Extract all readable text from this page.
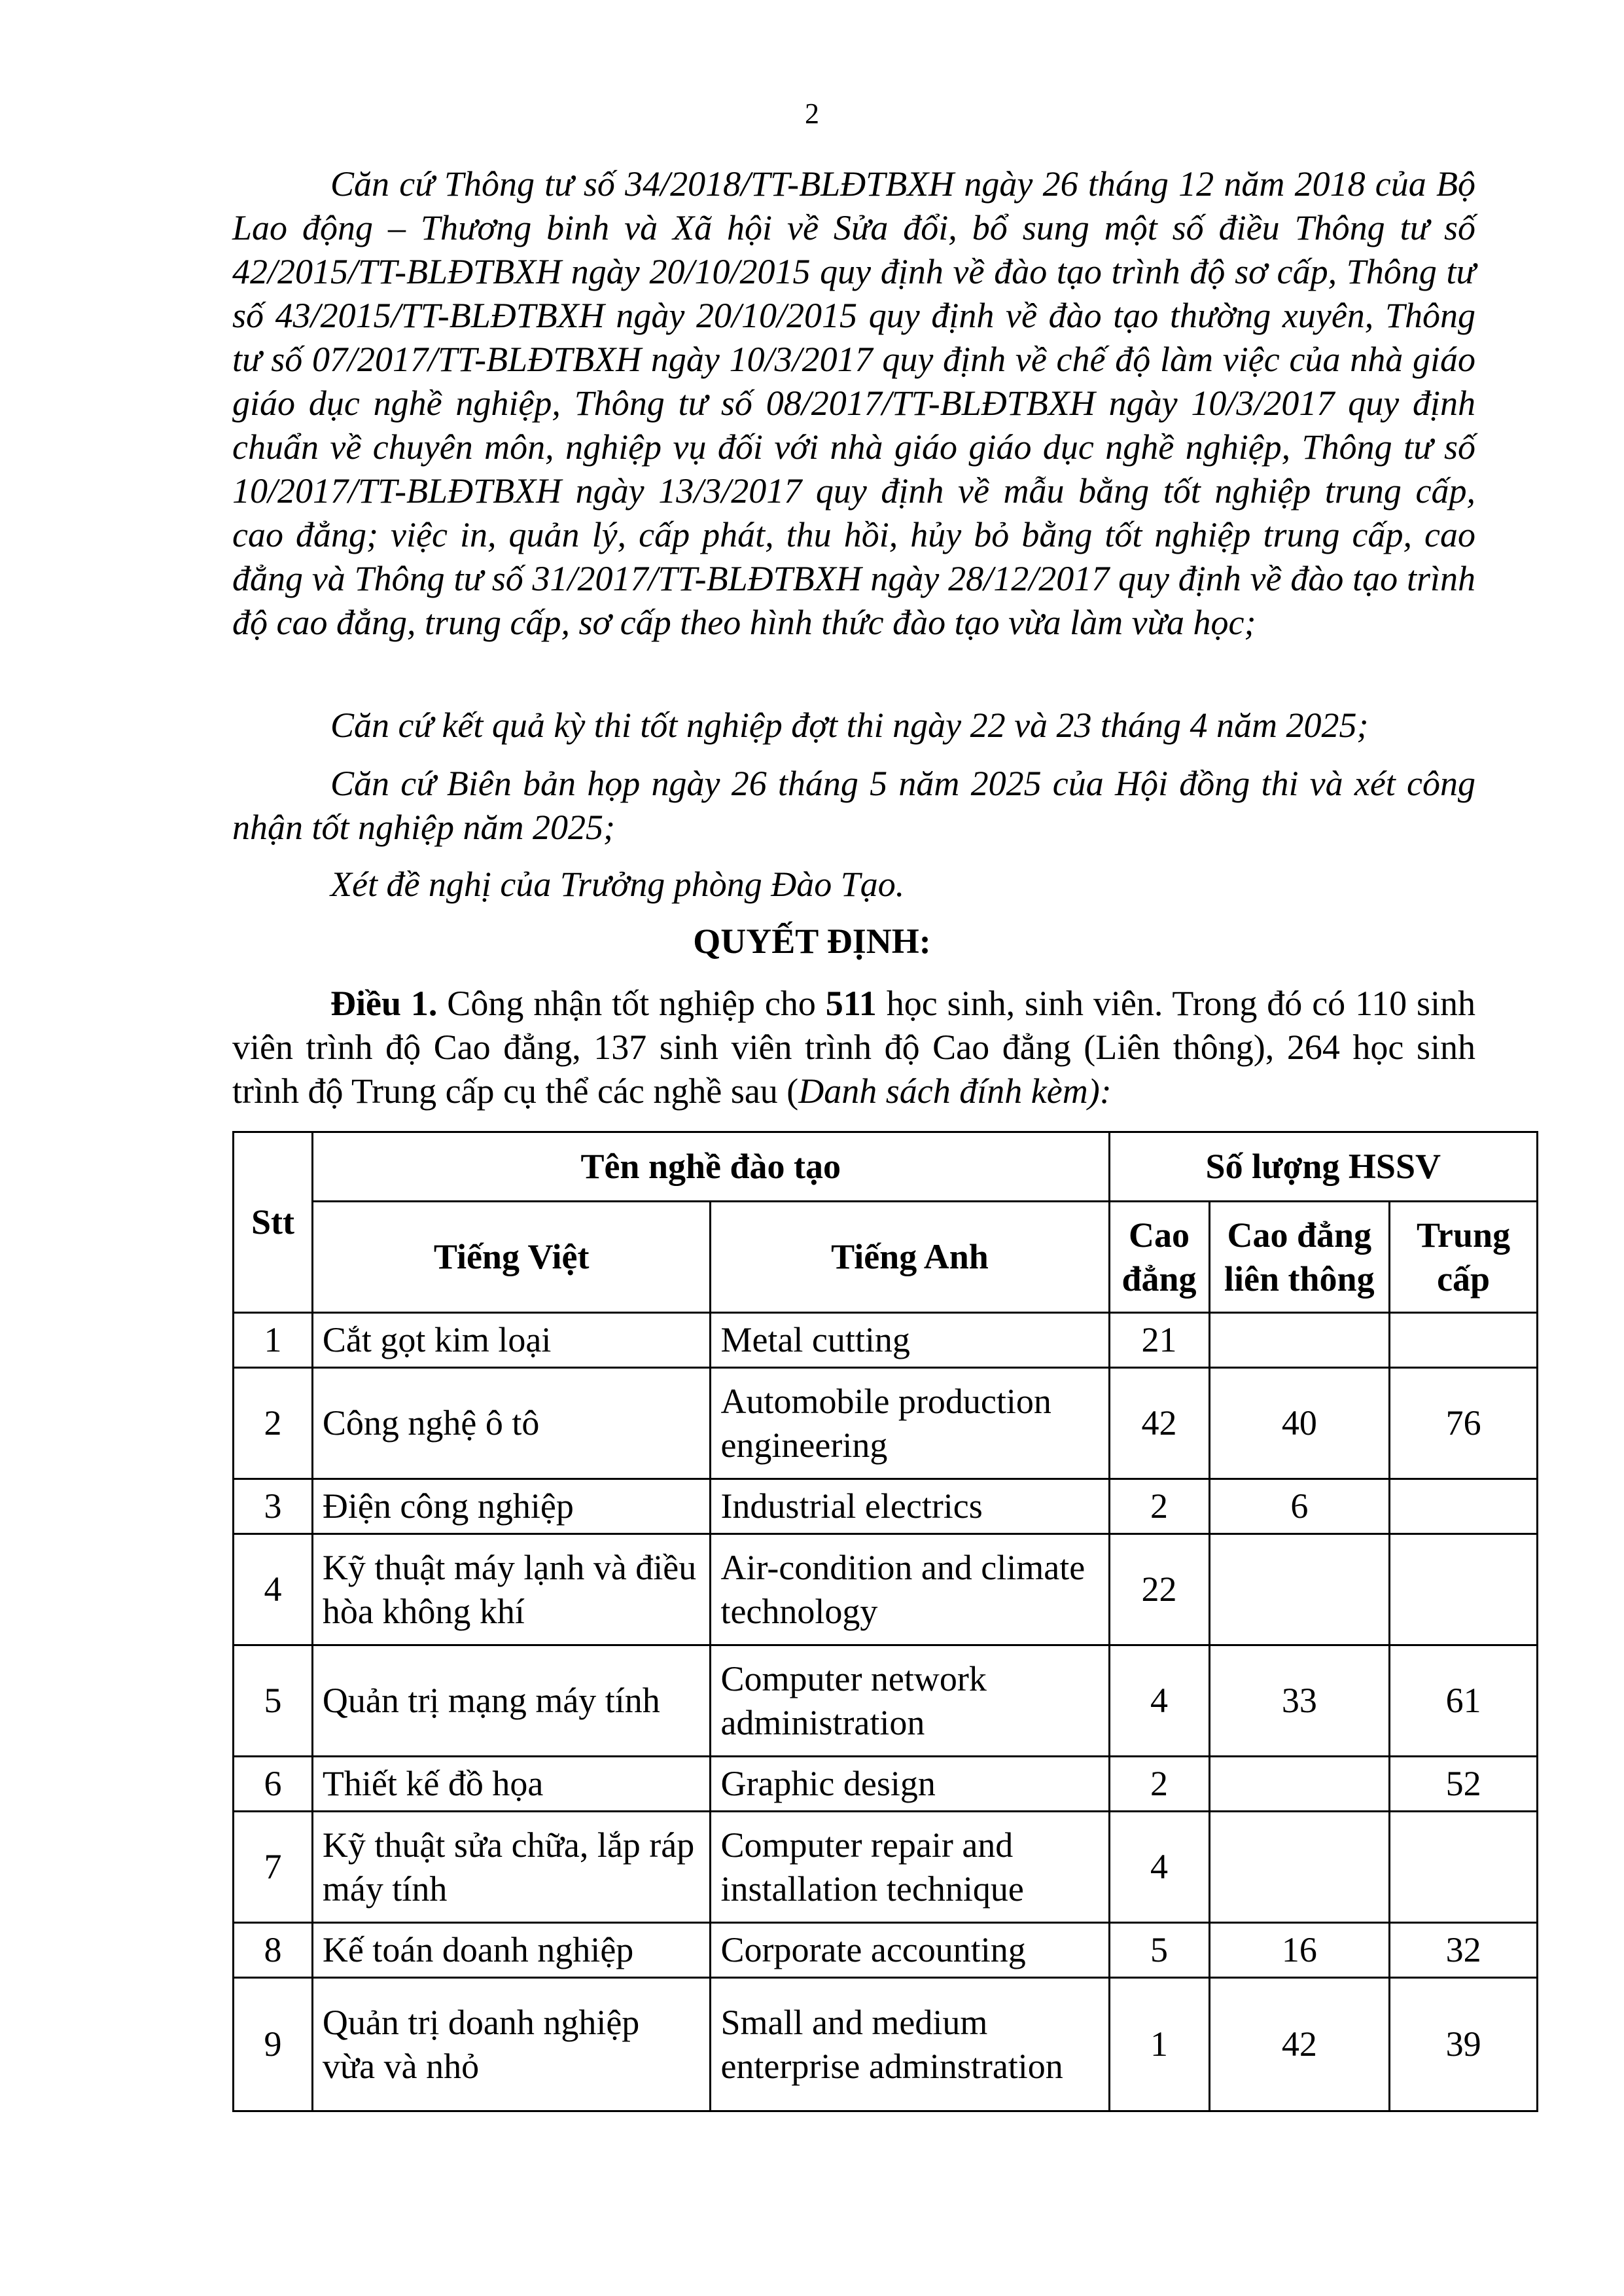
2

Căn cứ Thông tư số 34/2018/TT-BLĐTBXH ngày 26 tháng 12 năm 2018 của Bộ Lao động – Thương binh và Xã hội về Sửa đổi, bổ sung một số điều Thông tư số 42/2015/TT-BLĐTBXH ngày 20/10/2015 quy định về đào tạo trình độ sơ cấp, Thông tư số 43/2015/TT-BLĐTBXH ngày 20/10/2015 quy định về đào tạo thường xuyên, Thông tư số 07/2017/TT-BLĐTBXH ngày 10/3/2017 quy định về chế độ làm việc của nhà giáo giáo dục nghề nghiệp, Thông tư số 08/2017/TT-BLĐTBXH ngày 10/3/2017 quy định chuẩn về chuyên môn, nghiệp vụ đối với nhà giáo giáo dục nghề nghiệp, Thông tư số 10/2017/TT-BLĐTBXH ngày 13/3/2017 quy định về mẫu bằng tốt nghiệp trung cấp, cao đẳng; việc in, quản lý, cấp phát, thu hồi, hủy bỏ bằng tốt nghiệp trung cấp, cao đẳng và Thông tư số 31/2017/TT-BLĐTBXH ngày 28/12/2017 quy định về đào tạo trình độ cao đẳng, trung cấp, sơ cấp theo hình thức đào tạo vừa làm vừa học;

Căn cứ kết quả kỳ thi tốt nghiệp đợt thi ngày 22 và 23 tháng 4 năm 2025;

Căn cứ Biên bản họp ngày 26 tháng 5 năm 2025 của Hội đồng thi và xét công nhận tốt nghiệp năm 2025;

Xét đề nghị của Trưởng phòng Đào Tạo.

QUYẾT ĐỊNH:

Điều 1. Công nhận tốt nghiệp cho 511 học sinh, sinh viên. Trong đó có 110 sinh viên trình độ Cao đẳng, 137 sinh viên trình độ Cao đẳng (Liên thông), 264 học sinh trình độ Trung cấp cụ thể các nghề sau (Danh sách đính kèm):

Stt	Tên nghề đào tạo		Số lượng HSSV		
	Tiếng Việt	Tiếng Anh	Cao đẳng	Cao đẳng liên thông	Trung cấp
1	Cắt gọt kim loại	Metal cutting	21		
2	Công nghệ ô tô	Automobile production engineering	42	40	76
3	Điện công nghiệp	Industrial electrics	2	6	
4	Kỹ thuật máy lạnh và điều hòa không khí	Air-condition and climate technology	22		
5	Quản trị mạng máy tính	Computer network administration	4	33	61
6	Thiết kế đồ họa	Graphic design	2		52
7	Kỹ thuật sửa chữa, lắp ráp máy tính	Computer repair and installation technique	4		
8	Kế toán doanh nghiệp	Corporate accounting	5	16	32
9	Quản trị doanh nghiệp vừa và nhỏ	Small and medium enterprise adminstration	1	42	39
